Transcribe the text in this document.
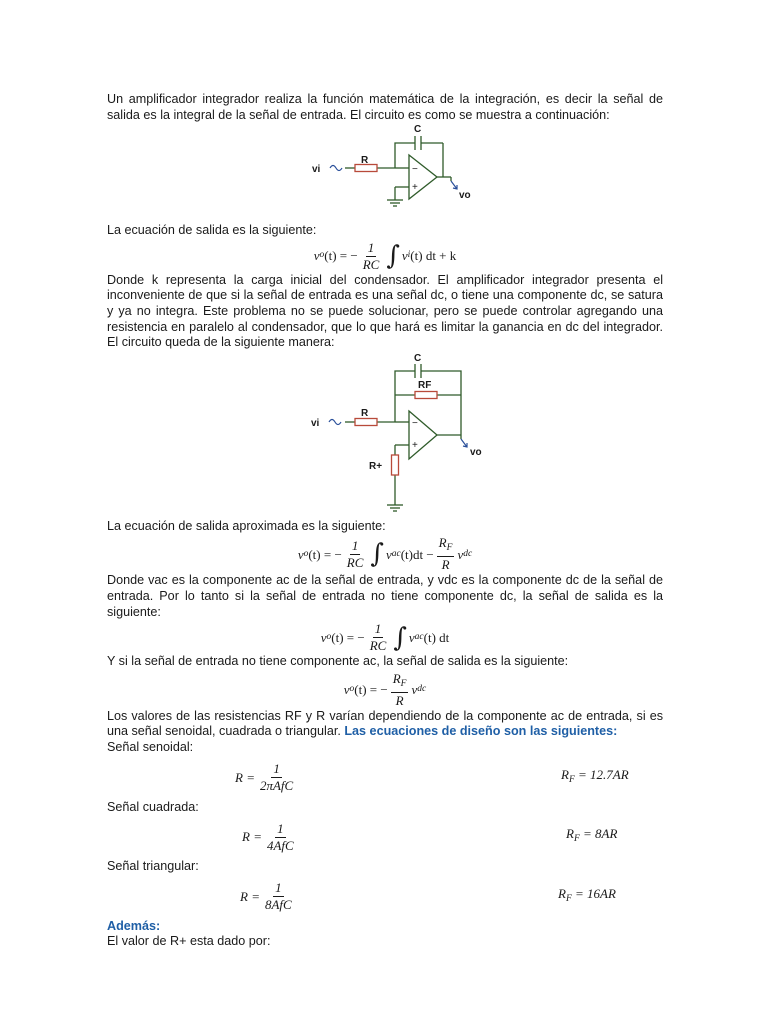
Un amplificador integrador realiza la función matemática de la integración, es decir la señal de salida es la integral de la señal de entrada. El circuito es como se muestra a continuación:

C
R
vi
vo
−
+

La ecuación de salida es la siguiente:

v o (t) = − $\frac{1}{RC}$ ∫ v i (t) dt + k

Donde k representa la carga inicial del condensador. El amplificador integrador presenta el inconveniente de que si la señal de entrada es una señal dc, o tiene una componente dc, se satura y ya no integra. Este problema no se puede solucionar, pero se puede controlar agregando una resistencia en paralelo al condensador, que lo que hará es limitar la ganancia en dc del integrador. El circuito queda de la siguiente manera:

C
RF
R
vi
vo
R+
−
+

La ecuación de salida aproximada es la siguiente:

v o (t) = − $\frac{1}{RC}$ ∫ v ac $(t)dt - \frac{R_F}{R}$ v dc

Donde vac es la componente ac de la señal de entrada, y vdc es la componente dc de la señal de entrada. Por lo tanto si la señal de entrada no tiene componente dc, la señal de salida es la siguiente:

v o (t) = − $\frac{1}{RC}$ ∫ v ac (t) dt

Y si la señal de entrada no tiene componente ac, la señal de salida es la siguiente:

v o (t) = − $\frac{R_F}{R}$ v dc

Los valores de las resistencias RF y R varían dependiendo de la componente ac de entrada, si es una señal senoidal, cuadrada o triangular. Las ecuaciones de diseño son las siguientes:

Señal senoidal:

$R = \frac{1}{\text{2πAfC}}$	$R_F = 12.7AR$

Señal cuadrada:

$R = \frac{1}{\text{4AfC}}$	$R_F = 8AR$

Señal triangular:

$R = \frac{1}{\text{8AfC}}$	$R_F = 16AR$

Además:

El valor de R+ esta dado por:
